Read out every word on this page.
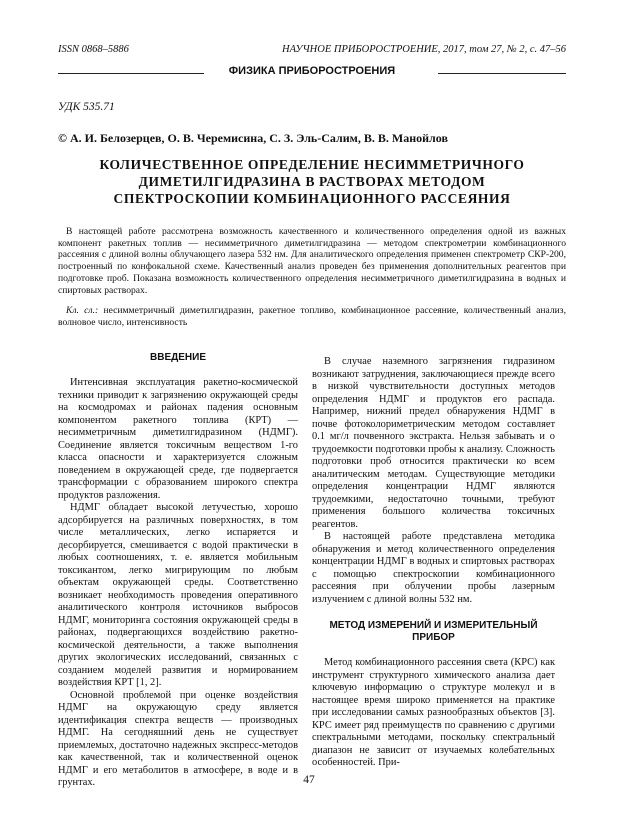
ISSN 0868–5886	НАУЧНОЕ ПРИБОРОСТРОЕНИЕ, 2017, том 27, № 2, с. 47–56
ФИЗИКА ПРИБОРОСТРОЕНИЯ
УДК 535.71
© А. И. Белозерцев, О. В. Черемисина, С. З. Эль-Салим, В. В. Манойлов
КОЛИЧЕСТВЕННОЕ ОПРЕДЕЛЕНИЕ НЕСИММЕТРИЧНОГО
ДИМЕТИЛГИДРАЗИНА В РАСТВОРАХ МЕТОДОМ
СПЕКТРОСКОПИИ КОМБИНАЦИОННОГО РАССЕЯНИЯ

В настоящей работе рассмотрена возможность качественного и количественного определения одной из важных компонент ракетных топлив — несимметричного диметилгидразина — методом спектрометрии комбинационного рассеяния с длиной волны облучающего лазера 532 нм. Для аналитического определения применен спектрометр СКР-200, построенный по конфокальной схеме. Качественный анализ проведен без применения дополнительных реагентов при подготовке проб. Показана возможность количественного определения несимметричного диметилгидразина в водных и спиртовых растворах.

Кл. сл.: несимметричный диметилгидразин, ракетное топливо, комбинационное рассеяние, количественный анализ, волновое число, интенсивность

ВВЕДЕНИЕ

Интенсивная эксплуатация ракетно-космической техники приводит к загрязнению окружающей среды на космодромах и районах падения основным компонентом ракетного топлива (КРТ) — несимметричным диметилгидразином (НДМГ). Соединение является токсичным веществом 1-го класса опасности и характеризуется сложным поведением в окружающей среде, где подвергается трансформации с образованием широкого спектра продуктов разложения.

НДМГ обладает высокой летучестью, хорошо адсорбируется на различных поверхностях, в том числе металлических, легко испаряется и десорбируется, смешивается с водой практически в любых соотношениях, т. е. является мобильным токсикантом, легко мигрирующим по любым объектам окружающей среды. Соответственно возникает необходимость проведения оперативного аналитического контроля источников выбросов НДМГ, мониторинга состояния окружающей среды в районах, подвергающихся воздействию ракетно-космической деятельности, а также выполнения других экологических исследований, связанных с созданием моделей развития и нормированием воздействия КРТ [1, 2].

Основной проблемой при оценке воздействия НДМГ на окружающую среду является идентификация спектра веществ — производных НДМГ. На сегодняшний день не существует приемлемых, достаточно надежных экспресс-методов как качественной, так и количественной оценок НДМГ и его метаболитов в атмосфере, в воде и в грунтах.

В случае наземного загрязнения гидразином возникают затруднения, заключающиеся прежде всего в низкой чувствительности доступных методов определения НДМГ и продуктов его распада. Например, нижний предел обнаружения НДМГ в почве фотоколориметрическим методом составляет 0.1 мг/л почвенного экстракта. Нельзя забывать и о трудоемкости подготовки пробы к анализу. Сложность подготовки проб относится практически ко всем аналитическим методам. Существующие методики определения концентрации НДМГ являются трудоемкими, недостаточно точными, требуют применения большого количества токсичных реагентов.

В настоящей работе представлена методика обнаружения и метод количественного определения концентрации НДМГ в водных и спиртовых растворах с помощью спектроскопии комбинационного рассеяния при облучении пробы лазерным излучением с длиной волны 532 нм.

МЕТОД ИЗМЕРЕНИЙ И ИЗМЕРИТЕЛЬНЫЙ ПРИБОР

Метод комбинационного рассеяния света (КРС) как инструмент структурного химического анализа дает ключевую информацию о структуре молекул и в настоящее время широко применяется на практике при исследовании самых разнообразных объектов [3]. КРС имеет ряд преимуществ по сравнению с другими спектральными методами, поскольку спектральный диапазон не зависит от изучаемых колебательных особенностей. При-

47
